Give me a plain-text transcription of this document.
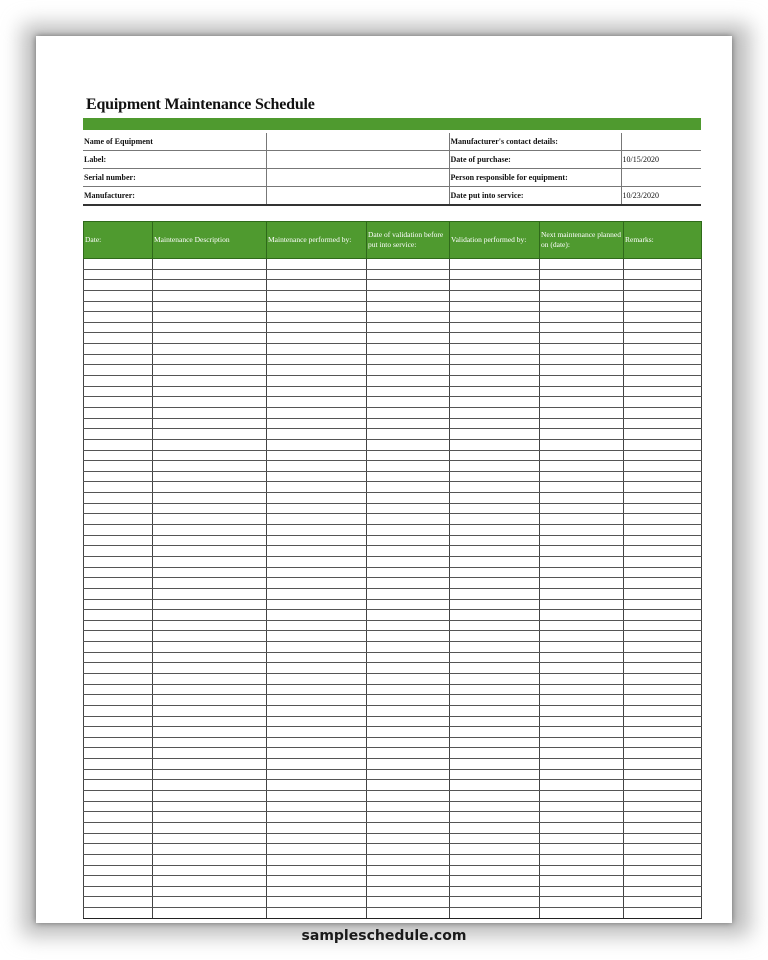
Equipment Maintenance Schedule
Name of Equipment		Manufacturer's contact details:	
Label:		Date of purchase:	10/15/2020
Serial number:		Person responsible for equipment:	
Manufacturer:		Date put into service:	10/23/2020
Date:	Maintenance Description	Maintenance performed by:	Date of validation before put into service:	Validation performed by:	Next maintenance planned on (date):	Remarks:

sampleschedule.com
